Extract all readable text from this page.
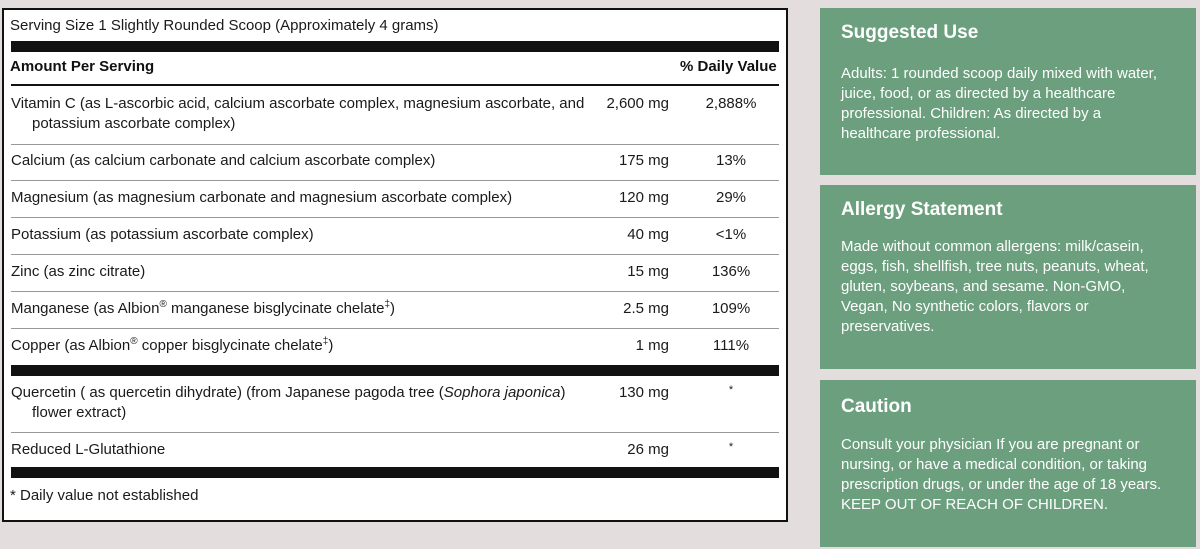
Serving Size 1 Slightly Rounded Scoop (Approximately 4 grams)
Amount Per Serving	% Daily Value
Vitamin C (as L-ascorbic acid, calcium ascorbate complex, magnesium ascorbate, and
potassium ascorbate complex)
2,600 mg	2,888%
Calcium (as calcium carbonate and calcium ascorbate complex)	175 mg	13%
Magnesium (as magnesium carbonate and magnesium ascorbate complex)	120 mg	29%
Potassium (as potassium ascorbate complex)	40 mg	<1%
Zinc (as zinc citrate)	15 mg	136%
Manganese (as Albion® manganese bisglycinate chelate‡)	2.5 mg	109%
Copper (as Albion® copper bisglycinate chelate‡)	1 mg	111%
Quercetin ( as quercetin dihydrate) (from Japanese pagoda tree (Sophora japonica)
flower extract)
130 mg	*
Reduced L-Glutathione	26 mg	*
* Daily value not established
Suggested Use

Adults: 1 rounded scoop daily mixed with water,
juice, food, or as directed by a healthcare
professional. Children: As directed by a
healthcare professional.

Allergy Statement

Made without common allergens: milk/casein,
eggs, fish, shellfish, tree nuts, peanuts, wheat,
gluten, soybeans, and sesame. Non-GMO,
Vegan, No synthetic colors, flavors or
preservatives.

Caution

Consult your physician If you are pregnant or
nursing, or have a medical condition, or taking
prescription drugs, or under the age of 18 years.
KEEP OUT OF REACH OF CHILDREN.
